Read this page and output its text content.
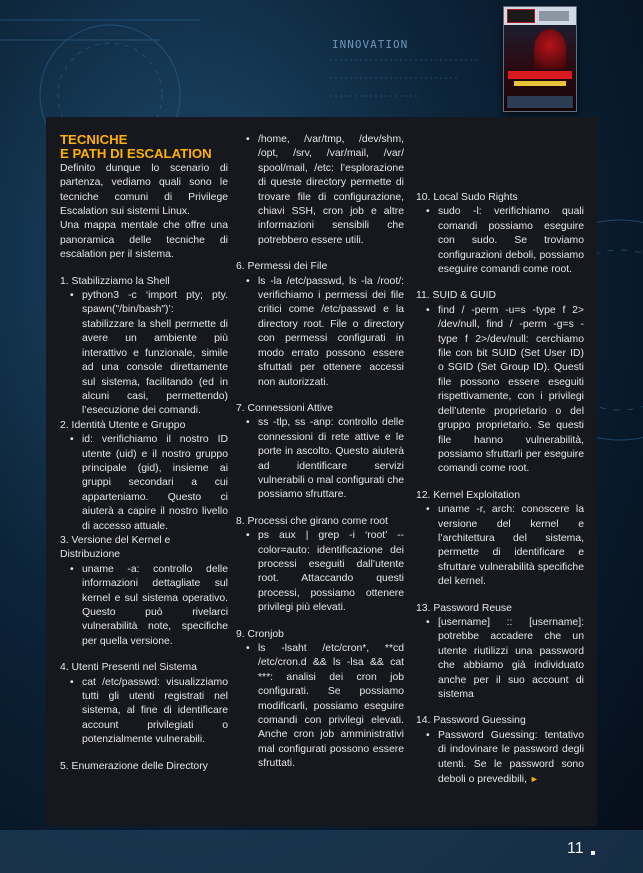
INNOVATION

TECNICHE

E PATH DI ESCALATION

Definito dunque lo scenario di partenza, vediamo quali sono le tecniche comuni di Privilege Escalation sui sistemi Linux.

Una mappa mentale che offre una panoramica delle tecniche di escalation per il sistema.

1. Stabilizziamo la Shell

• python3 -c ‘import pty; pty. spawn("/bin/bash")’: stabilizzare la shell permette di avere un ambiente più interattivo e funzionale, simile ad una console direttamente sul sistema, facilitando (ed in alcuni casi, permettendo) l’esecuzione dei comandi.

2. Identità Utente e Gruppo

• id: verifichiamo il nostro ID utente (uid) e il nostro gruppo principale (gid), insieme ai gruppi secondari a cui apparteniamo. Questo ci aiuterà a capire il nostro livello di accesso attuale.

3. Versione del Kernel e Distribuzione

• uname -a: controllo delle informazioni dettagliate sul kernel e sul sistema operativo. Questo può rivelarci vulnerabilità note, specifiche per quella versione.

4. Utenti Presenti nel Sistema

• cat /etc/passwd: visualizziamo tutti gli utenti registrati nel sistema, al fine di identificare account privilegiati o potenzialmente vulnerabili.

5. Enumerazione delle Directory

• /home, /var/tmp, /dev/shm, /opt, /srv, /var/mail, /var/ spool/mail, /etc: l’esplorazione di queste directory permette di trovare file di configurazione, chiavi SSH, cron job e altre informazioni sensibili che potrebbero essere utili.

6. Permessi dei File

• ls -la /etc/passwd, ls -la /root/: verifichiamo i permessi dei file critici come /etc/passwd e la directory root. File o directory con permessi configurati in modo errato possono essere sfruttati per ottenere accessi non autorizzati.

7. Connessioni Attive

• ss -tlp, ss -anp: controllo delle connessioni di rete attive e le porte in ascolto. Questo aiuterà ad identificare servizi vulnerabili o mal configurati che possiamo sfruttare.

8. Processi che girano come root

• ps aux | grep -i ‘root’ --color=auto: identificazione dei processi eseguiti dall’utente root. Attaccando questi processi, possiamo ottenere privilegi più elevati.

9. Cronjob

• ls -lsaht /etc/cron*, **cd /etc/cron.d && ls -lsa && cat ***: analisi dei cron job configurati. Se possiamo modificarli, possiamo eseguire comandi con privilegi elevati. Anche cron job amministrativi mal configurati possono essere sfruttati.

10. Local Sudo Rights

• sudo -l: verifichiamo quali comandi possiamo eseguire con sudo. Se troviamo configurazioni deboli, possiamo eseguire comandi come root.

11. SUID & GUID

• find / -perm -u=s -type f 2> /dev/null, find / -perm -g=s -type f 2>/dev/null: cerchiamo file con bit SUID (Set User ID) o SGID (Set Group ID). Questi file possono essere eseguiti rispettivamente, con i privilegi dell’utente proprietario o del gruppo proprietario. Se questi file hanno vulnerabilità, possiamo sfruttarli per eseguire comandi come root.

12. Kernel Exploitation

• uname -r, arch: conoscere la versione del kernel e l’architettura del sistema, permette di identificare e sfruttare vulnerabilità specifiche del kernel.

13. Password Reuse

• [username] :: [username]: potrebbe accadere che un utente riutilizzi una password che abbiamo già individuato anche per il suo account di sistema

14. Password Guessing

• Password Guessing: tentativo di indovinare le password degli utenti. Se le password sono deboli o prevedibili, ►

11
